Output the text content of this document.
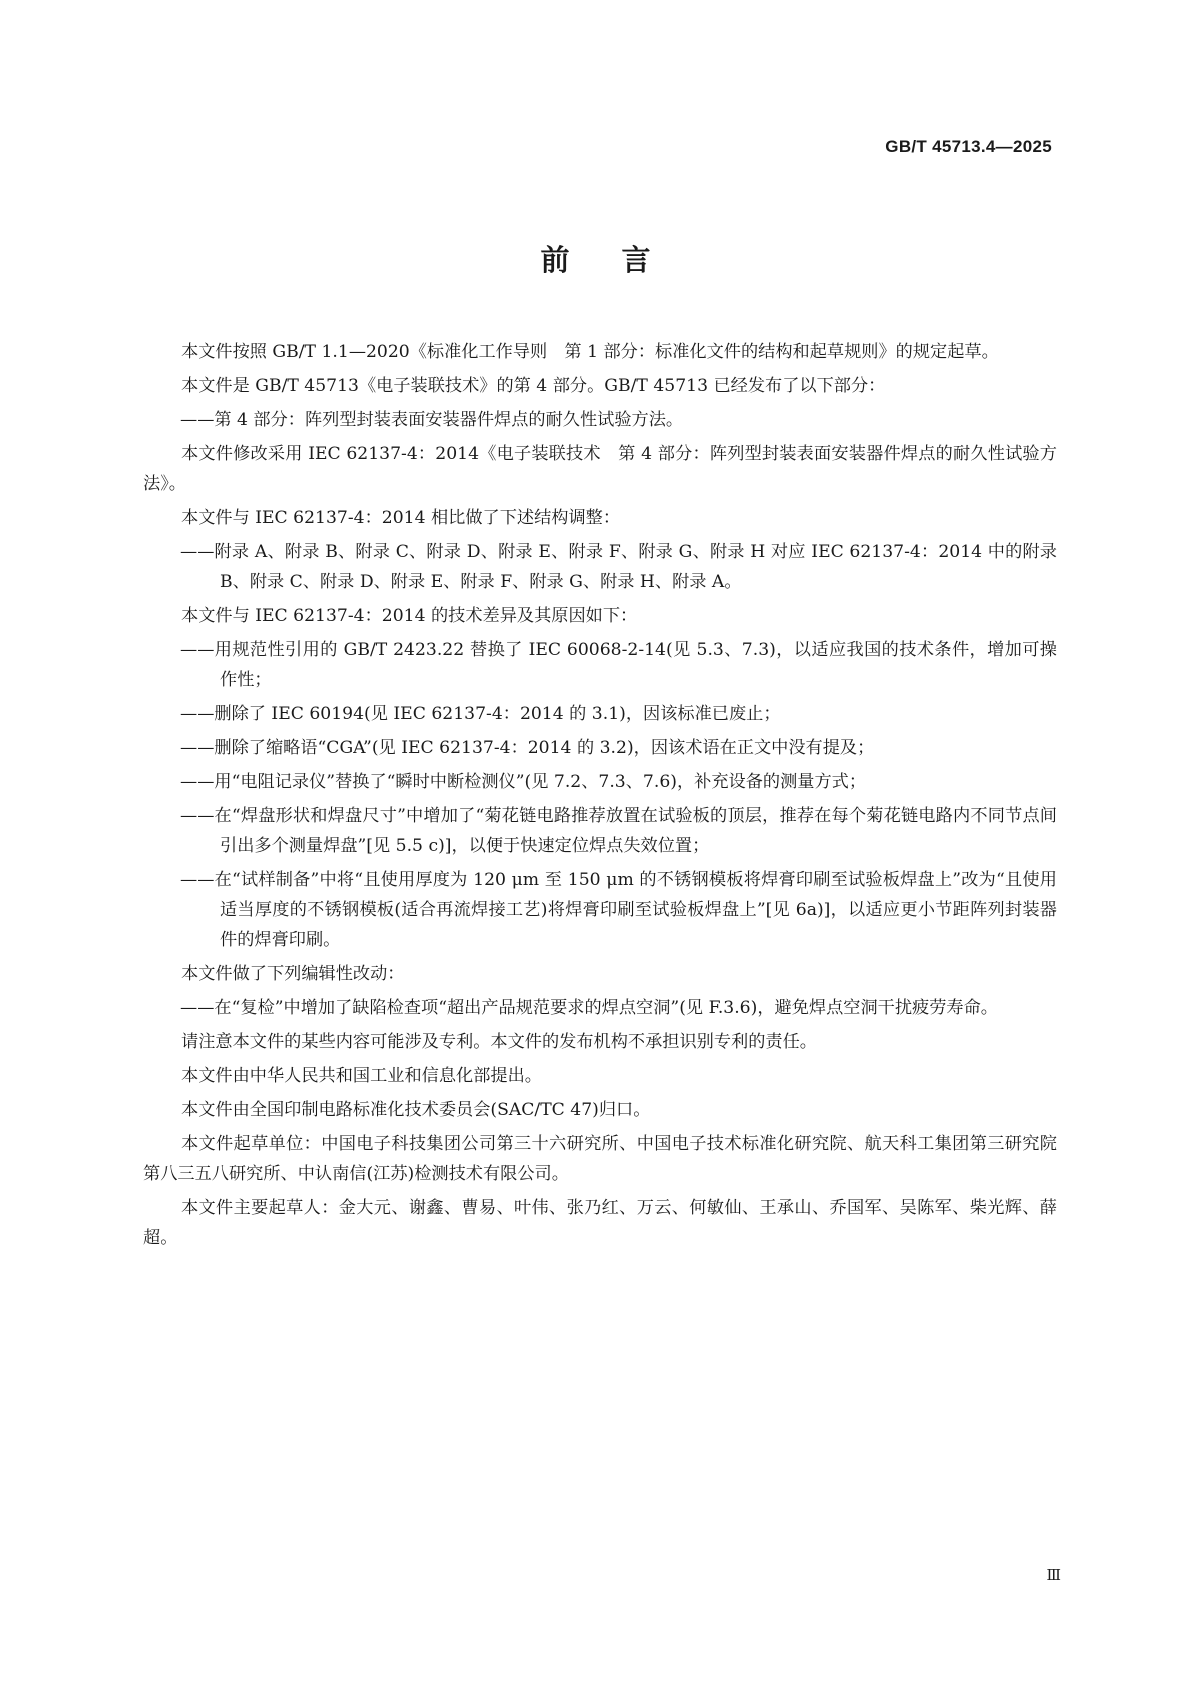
GB/T 45713.4—2025
前言
本文件按照 GB/T 1.1—2020《标准化工作导则　第 1 部分：标准化文件的结构和起草规则》的规定起草。
本文件是 GB/T 45713《电子装联技术》的第 4 部分。GB/T 45713 已经发布了以下部分：
——第 4 部分：阵列型封装表面安装器件焊点的耐久性试验方法。
本文件修改采用 IEC 62137-4：2014《电子装联技术　第 4 部分：阵列型封装表面安装器件焊点的耐久性试验方法》。
本文件与 IEC 62137-4：2014 相比做了下述结构调整：
——附录 A、附录 B、附录 C、附录 D、附录 E、附录 F、附录 G、附录 H 对应 IEC 62137-4：2014 中的附录 B、附录 C、附录 D、附录 E、附录 F、附录 G、附录 H、附录 A。
本文件与 IEC 62137-4：2014 的技术差异及其原因如下：
——用规范性引用的 GB/T 2423.22 替换了 IEC 60068-2-14(见 5.3、7.3)，以适应我国的技术条件，增加可操作性；
——删除了 IEC 60194(见 IEC 62137-4：2014 的 3.1)，因该标准已废止；
——删除了缩略语“CGA”(见 IEC 62137-4：2014 的 3.2)，因该术语在正文中没有提及；
——用“电阻记录仪”替换了“瞬时中断检测仪”(见 7.2、7.3、7.6)，补充设备的测量方式；
——在“焊盘形状和焊盘尺寸”中增加了“菊花链电路推荐放置在试验板的顶层，推荐在每个菊花链电路内不同节点间引出多个测量焊盘”[见 5.5 c)]，以便于快速定位焊点失效位置；
——在“试样制备”中将“且使用厚度为 120 μm 至 150 μm 的不锈钢模板将焊膏印刷至试验板焊盘上”改为“且使用适当厚度的不锈钢模板(适合再流焊接工艺)将焊膏印刷至试验板焊盘上”[见 6a)]，以适应更小节距阵列封装器件的焊膏印刷。
本文件做了下列编辑性改动：
——在“复检”中增加了缺陷检查项“超出产品规范要求的焊点空洞”(见 F.3.6)，避免焊点空洞干扰疲劳寿命。
请注意本文件的某些内容可能涉及专利。本文件的发布机构不承担识别专利的责任。
本文件由中华人民共和国工业和信息化部提出。
本文件由全国印制电路标准化技术委员会(SAC/TC 47)归口。
本文件起草单位：中国电子科技集团公司第三十六研究所、中国电子技术标准化研究院、航天科工集团第三研究院第八三五八研究所、中认南信(江苏)检测技术有限公司。
本文件主要起草人：金大元、谢鑫、曹易、叶伟、张乃红、万云、何敏仙、王承山、乔国军、吴陈军、柴光辉、薛超。
Ⅲ
